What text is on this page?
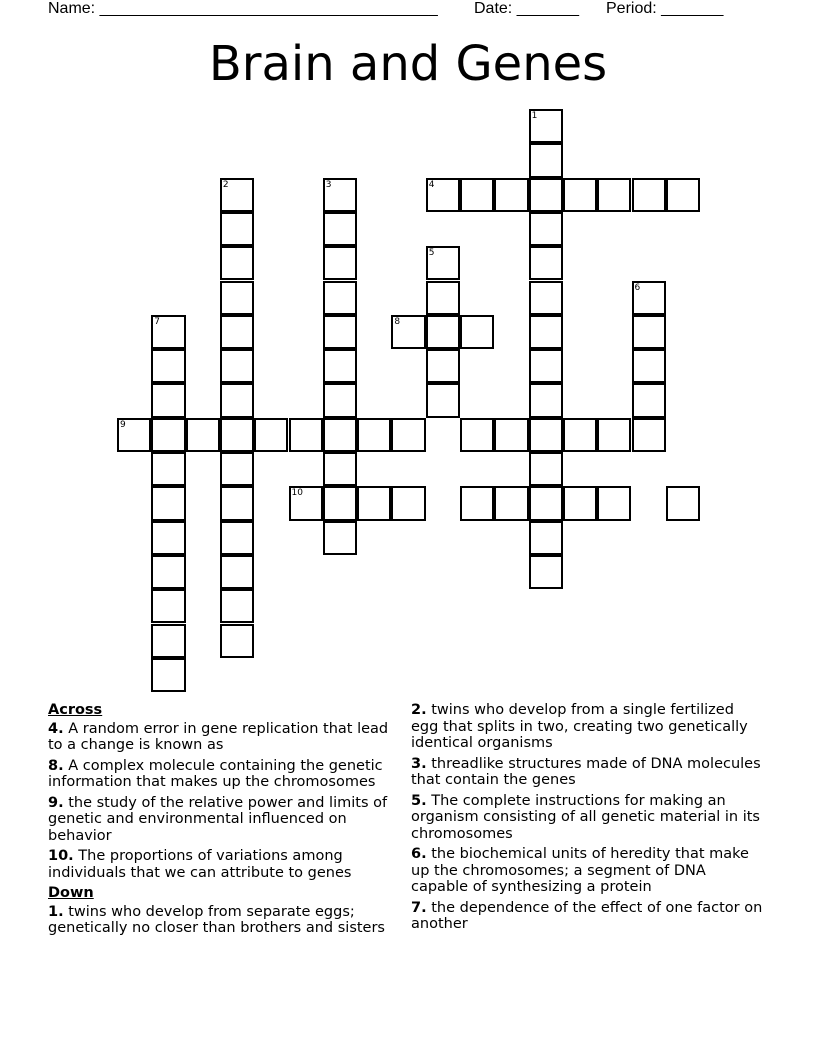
Name: ______________________________________ Date: _______ Period: _______
Brain and Genes
1
4
2	3
5
6
7	8
9
10
Across
4. A random error in gene replication that lead to a change is known as
8. A complex molecule containing the genetic information that makes up the chromosomes
9. the study of the relative power and limits of genetic and environmental influenced on behavior
10. The proportions of variations among individuals that we can attribute to genes
Down
1. twins who develop from separate eggs; genetically no closer than brothers and sisters
2. twins who develop from a single fertilized egg that splits in two, creating two genetically identical organisms
3. threadlike structures made of DNA molecules that contain the genes
5. The complete instructions for making an organism consisting of all genetic material in its chromosomes
6. the biochemical units of heredity that make up the chromosomes; a segment of DNA capable of synthesizing a protein
7. the dependence of the effect of one factor on another
